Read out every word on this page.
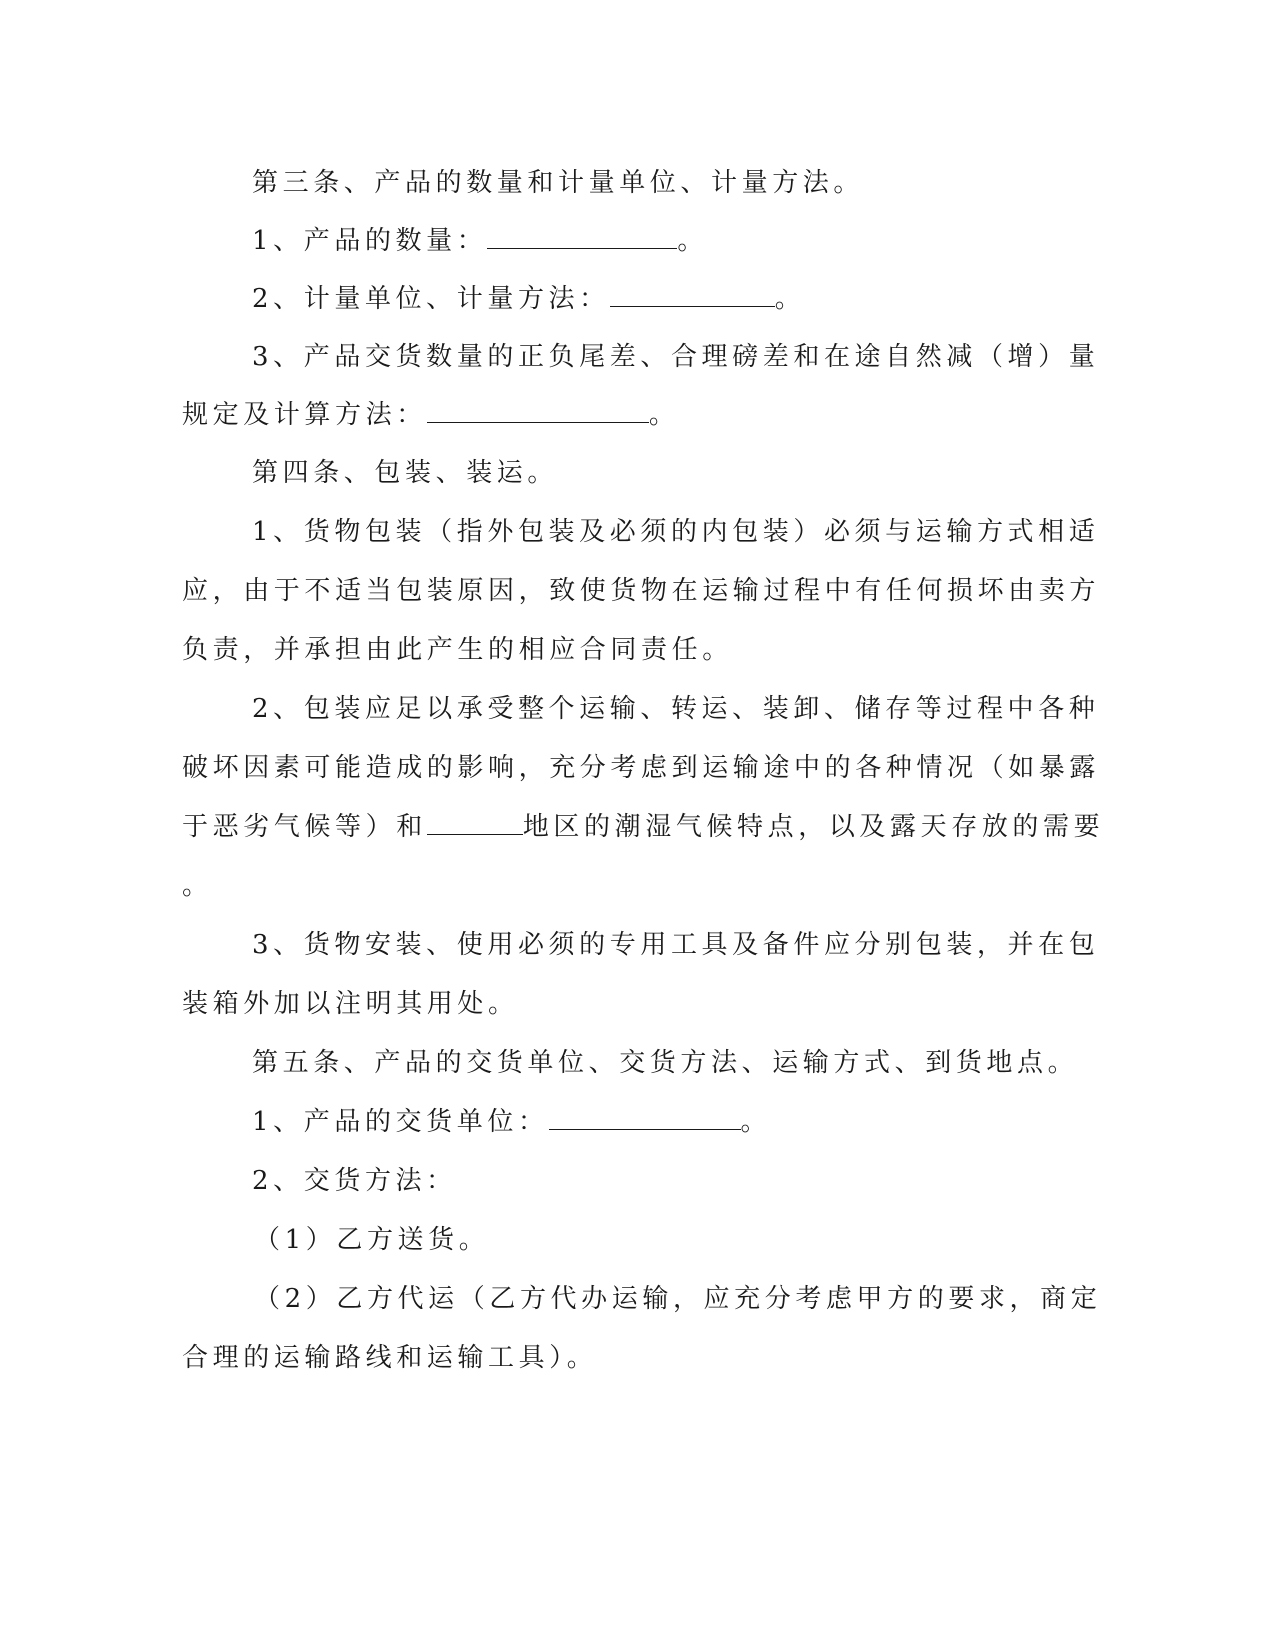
第三条、产品的数量和计量单位、计量方法。
1、产品的数量：	。
2、计量单位、计量方法：	。
3、产品交货数量的正负尾差、合理磅差和在途自然减（增）量
规定及计算方法：	。
第四条、包装、装运。
1、货物包装（指外包装及必须的内包装）必须与运输方式相适
应，由于不适当包装原因，致使货物在运输过程中有任何损坏由卖方
负责，并承担由此产生的相应合同责任。
2、包装应足以承受整个运输、转运、装卸、储存等过程中各种
破坏因素可能造成的影响，充分考虑到运输途中的各种情况（如暴露
于恶劣气候等）和	地区的潮湿气候特点，以及露天存放的需要
。
3、货物安装、使用必须的专用工具及备件应分别包装，并在包
装箱外加以注明其用处。
第五条、产品的交货单位、交货方法、运输方式、到货地点。
1、产品的交货单位：	。
2、交货方法：
（1）乙方送货。
（2）乙方代运（乙方代办运输，应充分考虑甲方的要求，商定
合理的运输路线和运输工具）。
